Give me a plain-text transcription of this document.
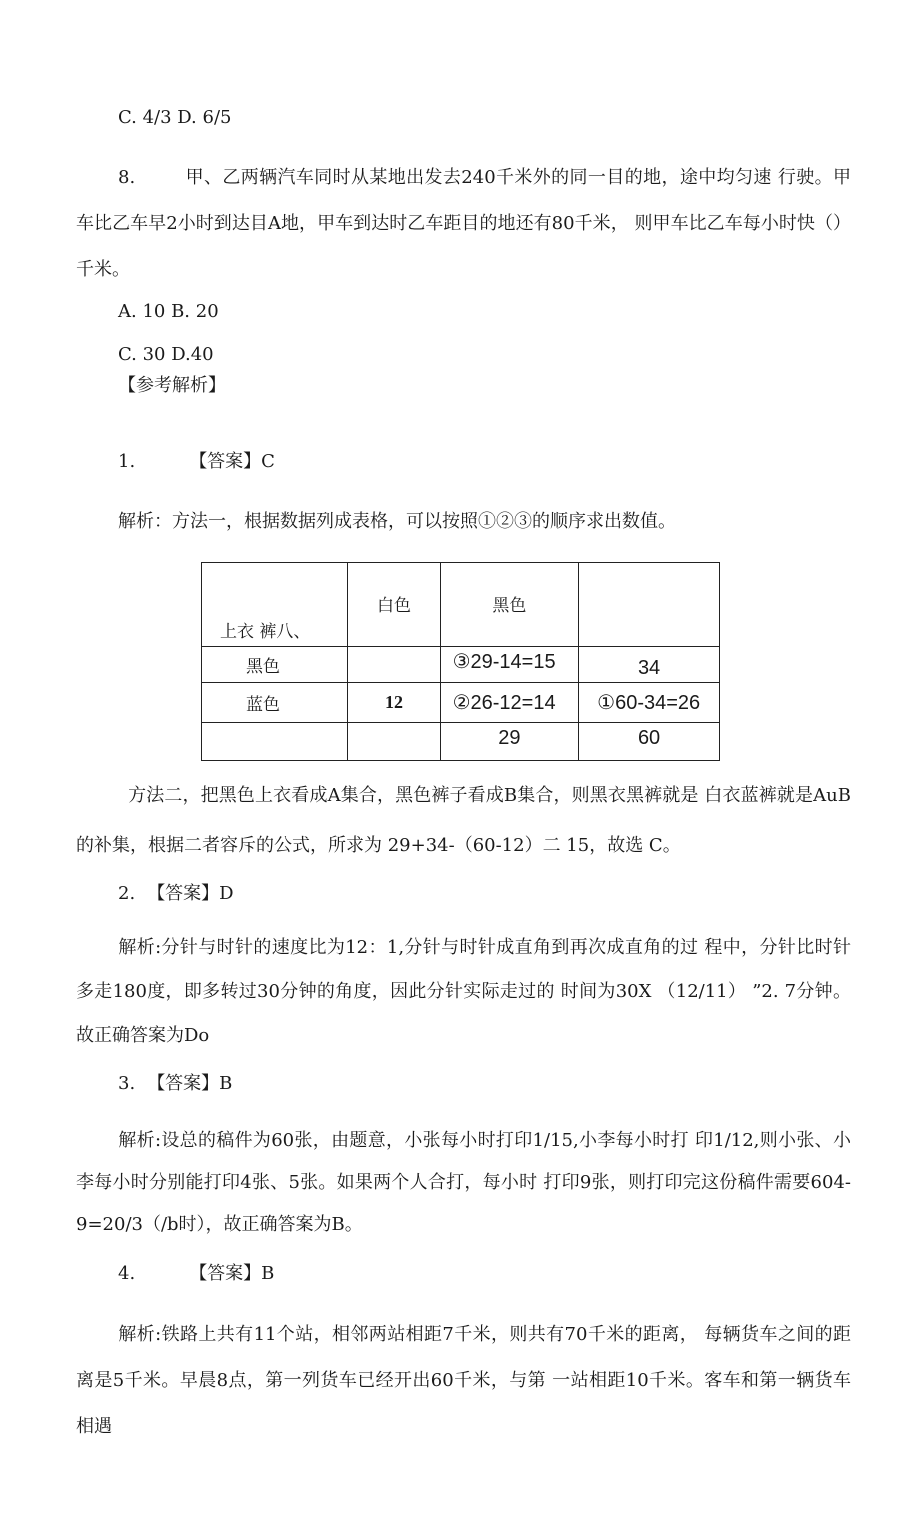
C. 4/3 D. 6/5
8.	甲、乙两辆汽车同时从某地出发去240千米外的同一目的地，途中均匀速 行驶。甲车比乙车早2小时到达目A地，甲车到达时乙车距目的地还有80千米， 则甲车比乙车每小时快（）千米。
A. 10 B. 20
C. 30 D.40
【参考解析】
1.	【答案】C
解析：方法一，根据数据列成表格，可以按照①②③的顺序求出数值。
上衣 裤八、	白色	黑色	
黑色		③29-14=15	34
蓝色	12	②26-12=14	①60-34=26
		29	60
方法二，把黑色上衣看成A集合，黑色裤子看成B集合，则黑衣黑裤就是 白衣蓝裤就是AuB的补集，根据二者容斥的公式，所求为 29+34-（60-12）二 15，故选 C。
2. 【答案】D
解析:分针与时针的速度比为12：1,分针与时针成直角到再次成直角的过 程中，分针比时针多走180度，即多转过30分钟的角度，因此分针实际走过的 时间为30X （12/11） ”2. 7分钟。故正确答案为Do
3. 【答案】B
解析:设总的稿件为60张，由题意，小张每小时打印1/15,小李每小时打 印1/12,则小张、小李每小时分别能打印4张、5张。如果两个人合打，每小时 打印9张，则打印完这份稿件需要604-9=20/3（/b时），故正确答案为B。
4.	【答案】B
解析:铁路上共有11个站，相邻两站相距7千米，则共有70千米的距离， 每辆货车之间的距离是5千米。早晨8点，第一列货车已经开出60千米，与第 一站相距10千米。客车和第一辆货车相遇
